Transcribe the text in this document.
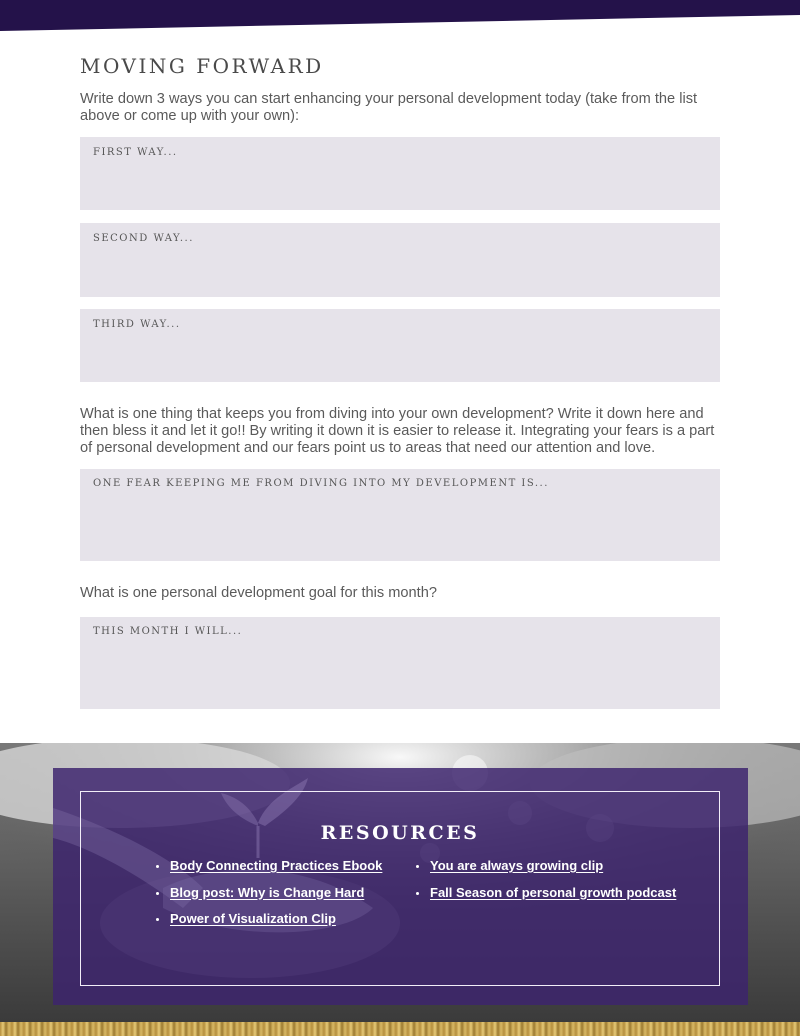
MOVING FORWARD

Write down 3 ways you can start enhancing your personal development today (take from the list above or come up with your own):

FIRST WAY...
SECOND WAY...
THIRD WAY...

What is one thing that keeps you from diving into your own development? Write it down here and then bless it and let it go!! By writing it down it is easier to release it. Integrating your fears is a part of personal development and our fears point us to areas that need our attention and love.

ONE FEAR KEEPING ME FROM DIVING INTO MY DEVELOPMENT IS...

What is one personal development goal for this month?

THIS MONTH I WILL...
RESOURCES
Body Connecting Practices Ebook
Blog post: Why is Change Hard
Power of Visualization Clip
You are always growing clip
Fall Season of personal growth podcast
